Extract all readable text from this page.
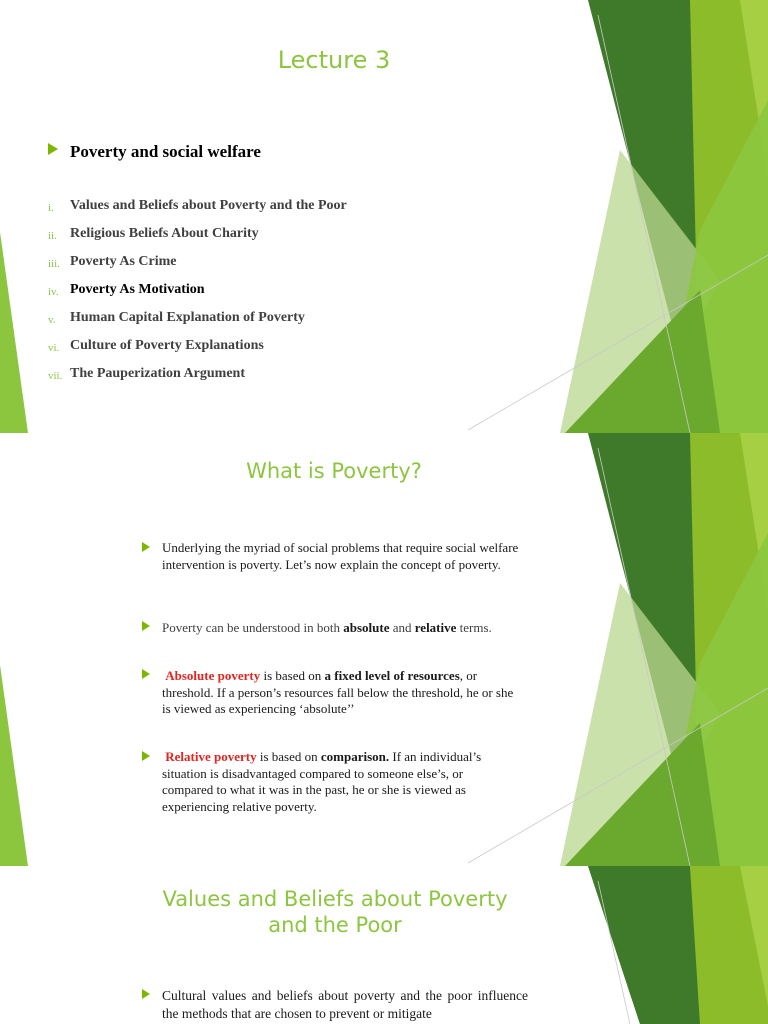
Lecture 3
Poverty and social welfare
i.	Values and Beliefs about Poverty and the Poor
ii. Religious Beliefs About Charity
iii. Poverty As Crime
iv. Poverty As Motivation
v.	Human Capital Explanation of Poverty
vi. Culture of Poverty Explanations
vii. The Pauperization Argument
What is Poverty?
Underlying the myriad of social problems that require social welfare intervention is poverty. Let’s now explain the concept of poverty.
Poverty can be understood in both absolute and relative terms.
Absolute poverty is based on a fixed level of resources, or threshold. If a person’s resources fall below the threshold, he or she is viewed as experiencing ‘absolute’’
Relative poverty is based on comparison. If an individual’s situation is disadvantaged compared to someone else’s, or compared to what it was in the past, he or she is viewed as experiencing relative poverty.
Values and Beliefs about Poverty and the Poor
Cultural values and beliefs about poverty and the poor influence the methods that are chosen to prevent or mitigate
